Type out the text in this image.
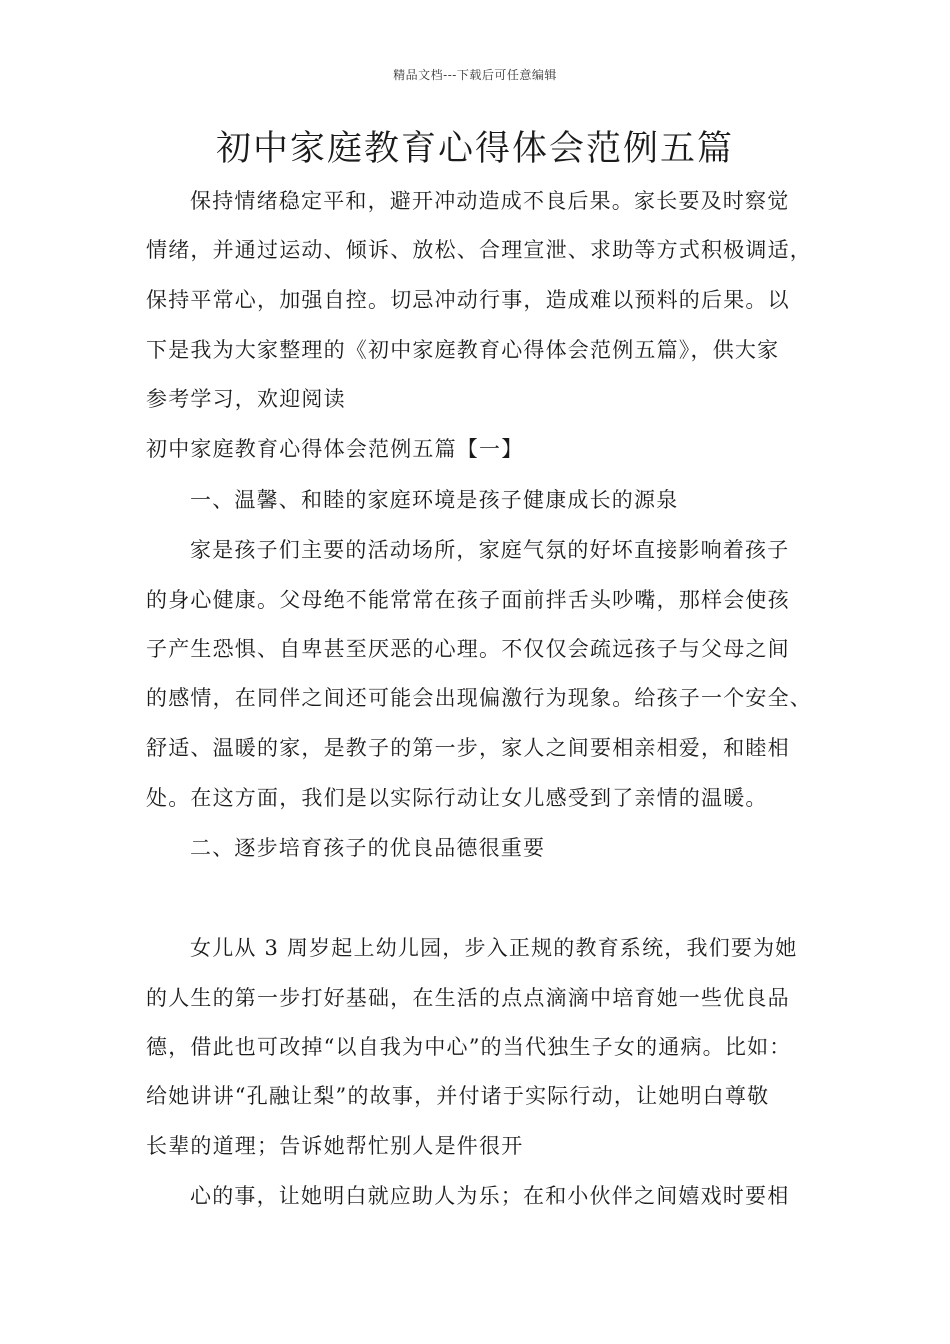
精品文档---下载后可任意编辑
初中家庭教育心得体会范例五篇
保持情绪稳定平和，避开冲动造成不良后果。家长要及时察觉
情绪，并通过运动、倾诉、放松、合理宣泄、求助等方式积极调适，
保持平常心，加强自控。切忌冲动行事，造成难以预料的后果。以
下是我为大家整理的《初中家庭教育心得体会范例五篇》，供大家
参考学习，欢迎阅读
初中家庭教育心得体会范例五篇【一】
一、温馨、和睦的家庭环境是孩子健康成长的源泉
家是孩子们主要的活动场所，家庭气氛的好坏直接影响着孩子
的身心健康。父母绝不能常常在孩子面前拌舌头吵嘴，那样会使孩
子产生恐惧、自卑甚至厌恶的心理。不仅仅会疏远孩子与父母之间
的感情，在同伴之间还可能会出现偏激行为现象。给孩子一个安全、
舒适、温暖的家，是教子的第一步，家人之间要相亲相爱，和睦相
处。在这方面，我们是以实际行动让女儿感受到了亲情的温暖。
二、逐步培育孩子的优良品德很重要
女儿从 3 周岁起上幼儿园，步入正规的教育系统，我们要为她
的人生的第一步打好基础，在生活的点点滴滴中培育她一些优良品
德，借此也可改掉“以自我为中心”的当代独生子女的通病。比如：
给她讲讲“孔融让梨”的故事，并付诸于实际行动，让她明白尊敬
长辈的道理；告诉她帮忙别人是件很开
心的事，让她明白就应助人为乐；在和小伙伴之间嬉戏时要相
